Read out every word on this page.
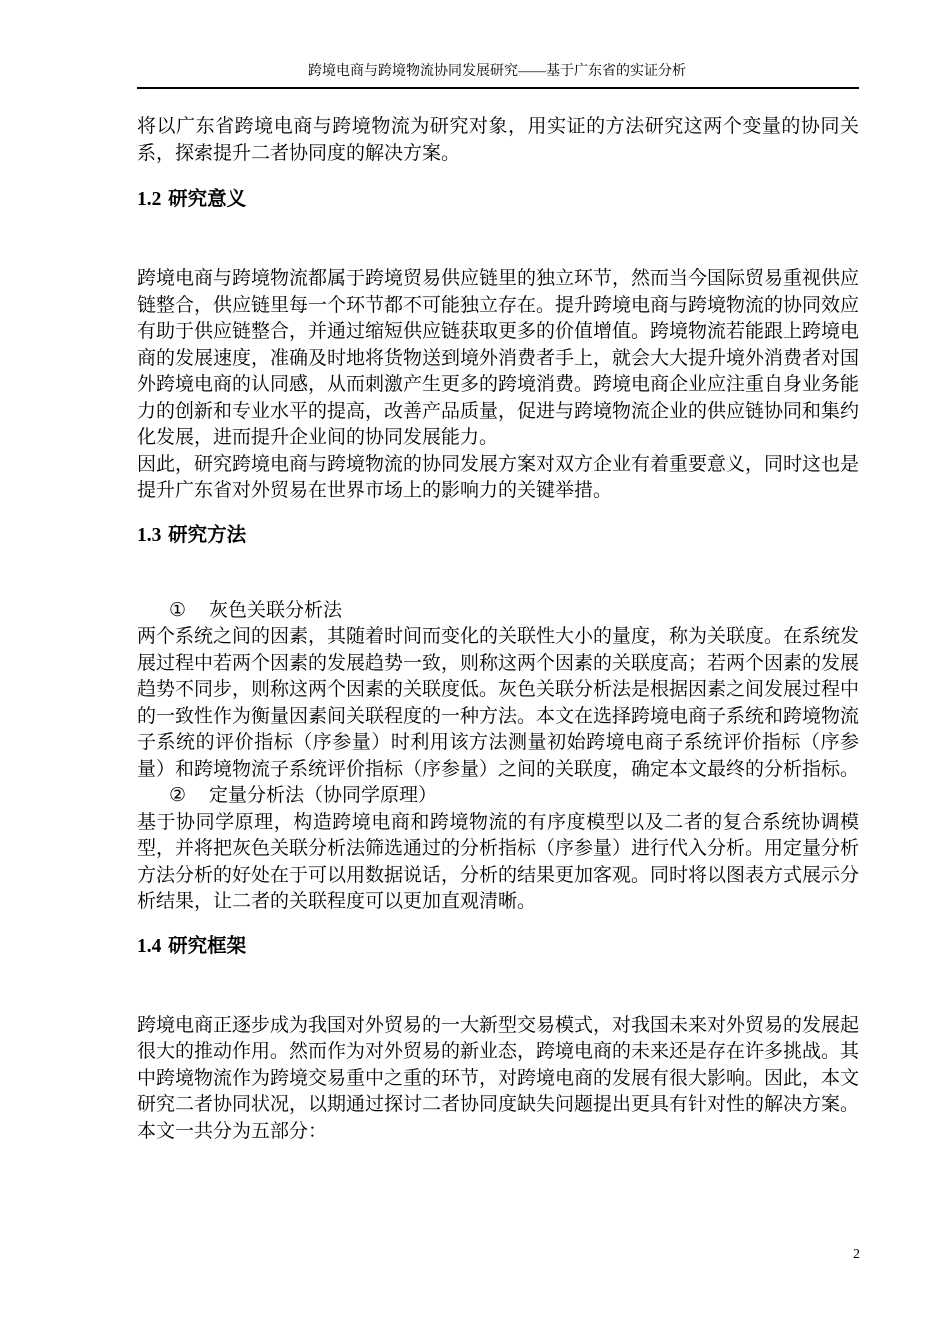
跨境电商与跨境物流协同发展研究——基于广东省的实证分析

将以广东省跨境电商与跨境物流为研究对象，用实证的方法研究这两个变量的协同关系，探索提升二者协同度的解决方案。

1.2 研究意义

跨境电商与跨境物流都属于跨境贸易供应链里的独立环节，然而当今国际贸易重视供应链整合，供应链里每一个环节都不可能独立存在。提升跨境电商与跨境物流的协同效应有助于供应链整合，并通过缩短供应链获取更多的价值增值。跨境物流若能跟上跨境电商的发展速度，准确及时地将货物送到境外消费者手上，就会大大提升境外消费者对国外跨境电商的认同感，从而刺激产生更多的跨境消费。跨境电商企业应注重自身业务能力的创新和专业水平的提高，改善产品质量，促进与跨境物流企业的供应链协同和集约化发展，进而提升企业间的协同发展能力。

因此，研究跨境电商与跨境物流的协同发展方案对双方企业有着重要意义，同时这也是提升广东省对外贸易在世界市场上的影响力的关键举措。

1.3 研究方法

① 灰色关联分析法

两个系统之间的因素，其随着时间而变化的关联性大小的量度，称为关联度。在系统发展过程中若两个因素的发展趋势一致，则称这两个因素的关联度高；若两个因素的发展趋势不同步，则称这两个因素的关联度低。灰色关联分析法是根据因素之间发展过程中的一致性作为衡量因素间关联程度的一种方法。本文在选择跨境电商子系统和跨境物流子系统的评价指标（序参量）时利用该方法测量初始跨境电商子系统评价指标（序参量）和跨境物流子系统评价指标（序参量）之间的关联度，确定本文最终的分析指标。

② 定量分析法（协同学原理）

基于协同学原理，构造跨境电商和跨境物流的有序度模型以及二者的复合系统协调模型，并将把灰色关联分析法筛选通过的分析指标（序参量）进行代入分析。用定量分析方法分析的好处在于可以用数据说话，分析的结果更加客观。同时将以图表方式展示分析结果，让二者的关联程度可以更加直观清晰。

1.4 研究框架

跨境电商正逐步成为我国对外贸易的一大新型交易模式，对我国未来对外贸易的发展起很大的推动作用。然而作为对外贸易的新业态，跨境电商的未来还是存在许多挑战。其中跨境物流作为跨境交易重中之重的环节，对跨境电商的发展有很大影响。因此，本文研究二者协同状况，以期通过探讨二者协同度缺失问题提出更具有针对性的解决方案。

本文一共分为五部分：

2
